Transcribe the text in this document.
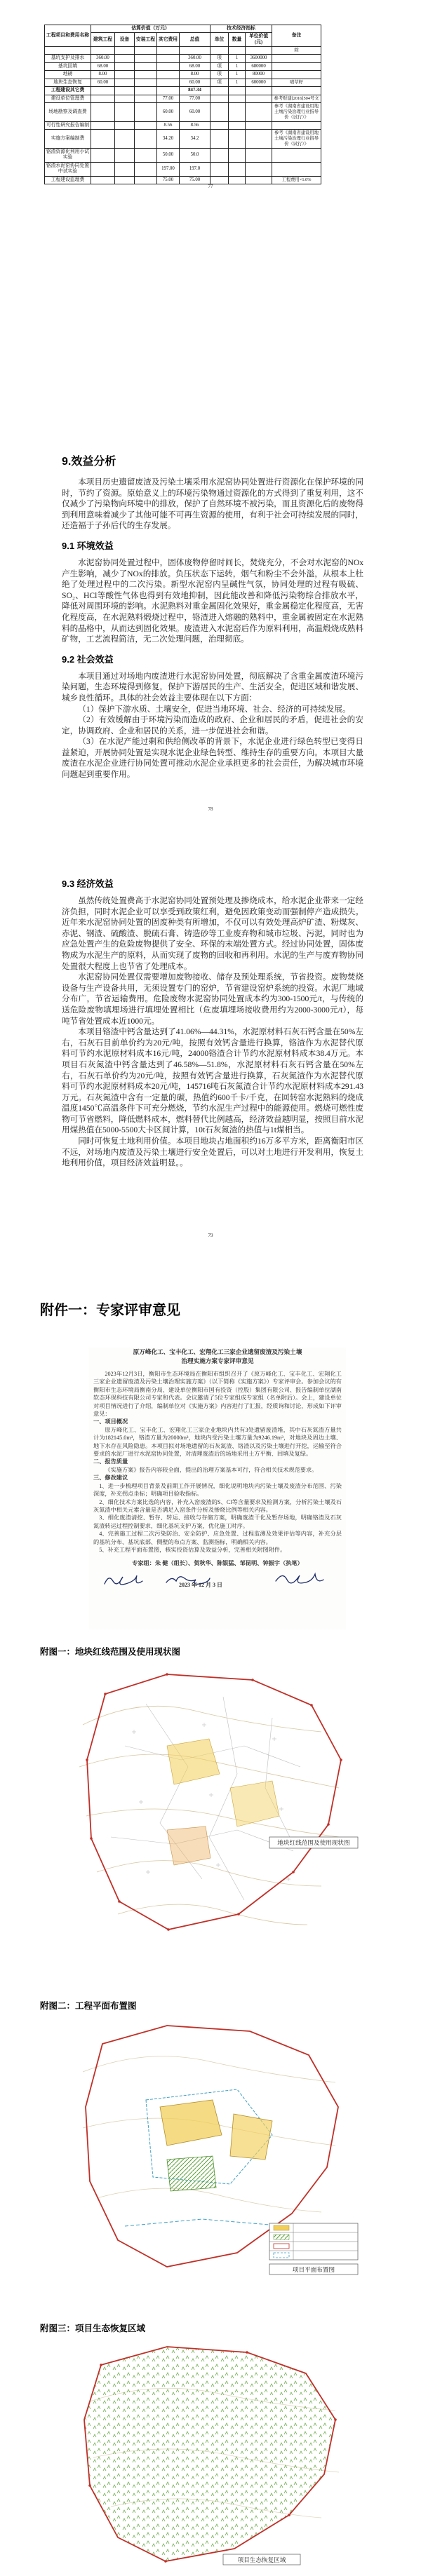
工程项目和费用名称	估算价值（万元）					技术经济指标			备注
	建筑工程	设备	安装工程	其它费用	总值	单位	数量	单位价值(元)	
									除
基坑支护及排水	360.00				360.00	项	1	3600000	
基坑回填	68.00				68.00	项	1	680000	
地磅	8.00				8.00	项	1	80000	
地块生态恢复	60.00				60.00	项	1	600000	喷草籽
工程建设其它费					847.34				
建设单位管理费				77.00	77.00				参考财建[2016]504号文
场地勘察及调查费				60.00	60.00				参考《湖南省建设用地土壤污染治理行业指导价（试行）》
可行性研究报告编制				8.56	8.56				
实施方案编制费				34.20	34.2				参考《湖南省建设用地土壤污染治理行业指导价（试行）》
铬渣资源化利用小试实验				50.00	50.0				
铬渣水泥窑协同处置中试实验				197.00	197.0				
工程建设监理费				75.00	75.00				工程费用×1.0%
77
9.效益分析

本项目历史遗留废渣及污染土壤采用水泥窑协同处置进行资源化在保护环境的同时，节约了资源。原始意义上的环境污染物通过资源化的方式得到了重复利用，这不仅减少了污染物向环境中的排放，保护了自然环境不被污染，而且资源化后的废物得到利用意味着减少了其他可能不可再生资源的使用，有利于社会可持续发展的同时，还造福于子孙后代的生存发展。

9.1 环境效益

水泥窑协同处置过程中，固体废物停留时间长，焚烧充分，不会对水泥窑的NOx产生影响，减少了NOx的排放。负压状态下运转，烟气和粉尘不会外溢，从根本上杜绝了处理过程中的二次污染。新型水泥窑内呈碱性气氛，协同处理的过程有吸硫、SO₂、HCl等酸性气体也得到有效地抑制，因此能改善和降低污染物综合排放水平，降低对周围环境的影响。水泥熟料对重金属固化效果好，重金属稳定化程度高，无害化程度高，在水泥熟料煅烧过程中，铬渣进入熔融的熟料中，重金属被固定在水泥熟料的晶格中，从而达到固化效果。废渣进入水泥窑后作为原料利用，高温煅烧成熟料矿物，工艺流程简洁，无二次处理问题，治理彻底。

9.2 社会效益

本项目通过对场地内废渣进行水泥窑协同处置，彻底解决了含重金属废渣环境污染问题，生态环境得到修复，保护下游居民的生产、生活安全，促进区域和谐发展、城乡良性循环。具体的社会效益主要体现在以下方面：

（1）保护下游水质、土壤安全，促进当地环境、社会、经济的可持续发展。

（2）有效缓解由于环境污染而造成的政府、企业和居民的矛盾，促进社会的安定，协调政府、企业和居民的关系，进一步促进社会和谐。

（3）在水泥产能过剩和供给侧改革的背景下，水泥企业进行绿色转型已变得日益紧迫，开展协同处置是实现水泥企业绿色转型、维持生存的重要方向。本项目大量废渣在水泥企业进行协同处置可推动水泥企业承担更多的社会责任，为解决城市环境问题起到重要作用。

78
9.3 经济效益

虽然传统处置费高于水泥窑协同处置预处理及掺烧成本，给水泥企业带来一定经济负担，同时水泥企业可以享受到政策红利，避免因政策变动而强制停产造成损失。近年来水泥窑协同处置的固废种类有所增加，不仅可以有效处理高炉矿渣、粉煤灰、赤泥、钢渣、硫酸渣、脱硫石膏、铸造砂等工业废弃物和城市垃圾、污泥，同时也为应急处置产生的危险废物提供了安全、环保的末端处置方式。经过协同处置，固体废物成为水泥生产的原料，从而实现了废物的回收和再利用。水泥的生产与废弃物协同处置很大程度上也节省了处理成本。

水泥窑协同处置仅需要增加废物接收、储存及预处理系统，节省投资。废物焚烧设备与生产设备共用，无须设置专门的窑炉，节省建设窑炉系统的投资。水泥厂地域分布广，节省运输费用。危险废物水泥窑协同处置成本约为300-1500元/t，与传统的送危险废物填埋场进行填埋处置相比（危废填埋场接收费用约为2000-3000元/t），每吨节省处置成本近1000元。

本项目铬渣中钙含量达到了41.06%—44.31%，水泥原材料石灰石钙含量在50%左右，石灰石目前单价约为20元/吨，按照有效钙含量进行换算，铬渣作为水泥替代原料可节约水泥原材料成本16元/吨，24000铬渣合计节约水泥原材料成本38.4万元。本项目石灰氮渣中钙含量达到了46.58%—51.8%，水泥原材料石灰石钙含量在50%左右，石灰石单价约为20元/吨，按照有效钙含量进行换算，石灰氮渣作为水泥替代原料可节约水泥原材料成本20元/吨，145716吨石灰氮渣合计节约水泥原材料成本291.43万元。石灰氮渣中含有一定量的碳，热值约600千卡/千克，在回转窑水泥熟料的烧成温度1450℃高温条件下可充分燃烧，节约水泥生产过程中的能源使用。燃烧可燃性废物可节省燃料，降低燃料成本，燃料替代比例越高，经济效益越明显，按照目前水泥用煤热值在5000-5500大卡区间计算，10t石灰氮渣的热值与1t煤相当。

同时可恢复土地利用价值。本项目地块占地面积约16万多平方米，距离衡阳市区不远，对场地内废渣及污染土壤进行安全处置后，可以对土地进行开发利用，恢复土地利用价值，项目经济效益明显。。

79
附件一：专家评审意见

原万峰化工、宝丰化工、宏翔化工三家企业遗留废渣及污染土壤

治理实施方案专家评审意见

2023年12月3日，衡阳市生态环境局在衡阳市组织召开了《原万峰化工、宝丰化工、宏翔化工三家企业遗留废渣及污染土壤治理实施方案》（以下简称《实施方案》）专家评审会。参加会议的有衡阳市生态环境局衡南分局、建设单位衡阳市国有投资（控股）集团有限公司、报告编制单位湖南软态环保科技有限公司专家和代表。会议邀请了5位专家组成专家组（名单附后）。会上，建设单位对项目情况进行了介绍，编制单位对《实施方案》内容进行了汇报，经质询和讨论，形成如下评审意见：

一、项目概况

原万峰化工、宝丰化工、宏翔化工三家企业地块内共有3处遗留废渣堆，其中石灰氮渣方量共计为182145.0m³，铬渣方量为20000m³，地块内受污染土壤方量为9246.19m³，对地块及周边土壤、地下水存在风险隐患。本项目拟对场地遗留的石灰氮渣、铬渣以及污染土壤进行开挖，运输至符合要求的水泥厂进行水泥窑协同处置，对清理废渣后的场地采用土方平衡、回填及复绿。

二、报告质量

《实施方案》报告内容较全面，提出的治理方案基本可行，符合相关技术规范要求。

三、修改建议

1、进一步梳理项目背景及前期工作开展情况，细化说明地块内污染土壤及废渣分布范围、污染深度，补充拐点坐标；明确项目验收指标。

2、细化技术方案比选的内容，补充入窑废渣的S、Cl等含量要求及检测方案，分析污染土壤及石灰氮渣中相关元素含量是否满足入窑条件分析及掺烧比例等相关内容。

3、细化废渣清挖、暂存、转运、接收与存储方案，明确废渣干化及暂存场地，明确铬渣及石灰氮渣转运过程控制要求，细化基坑支护方案，优化施工时序。

4、完善施工过程二次污染防治、安全防护、应急处置、过程监测及效果评估等内容，补充分层的基坑分布、基坑底部、侧壁的布点方案、监测指标，明确相关内容。

5、补充工程平面布置图，核实投资估算及效益分析，完善相关附图附件。

专家组：朱 健（组长）、贺秋华、陈银猛、邹昆明、钟振宇（执笔）
2023 年 12 月 3 日
附图一：地块红线范围及使用现状图
地块红线范围及使用现状图
附图二：工程平面布置图
项目平面布置图
附图三：项目生态恢复区域
项目生态恢复区域
